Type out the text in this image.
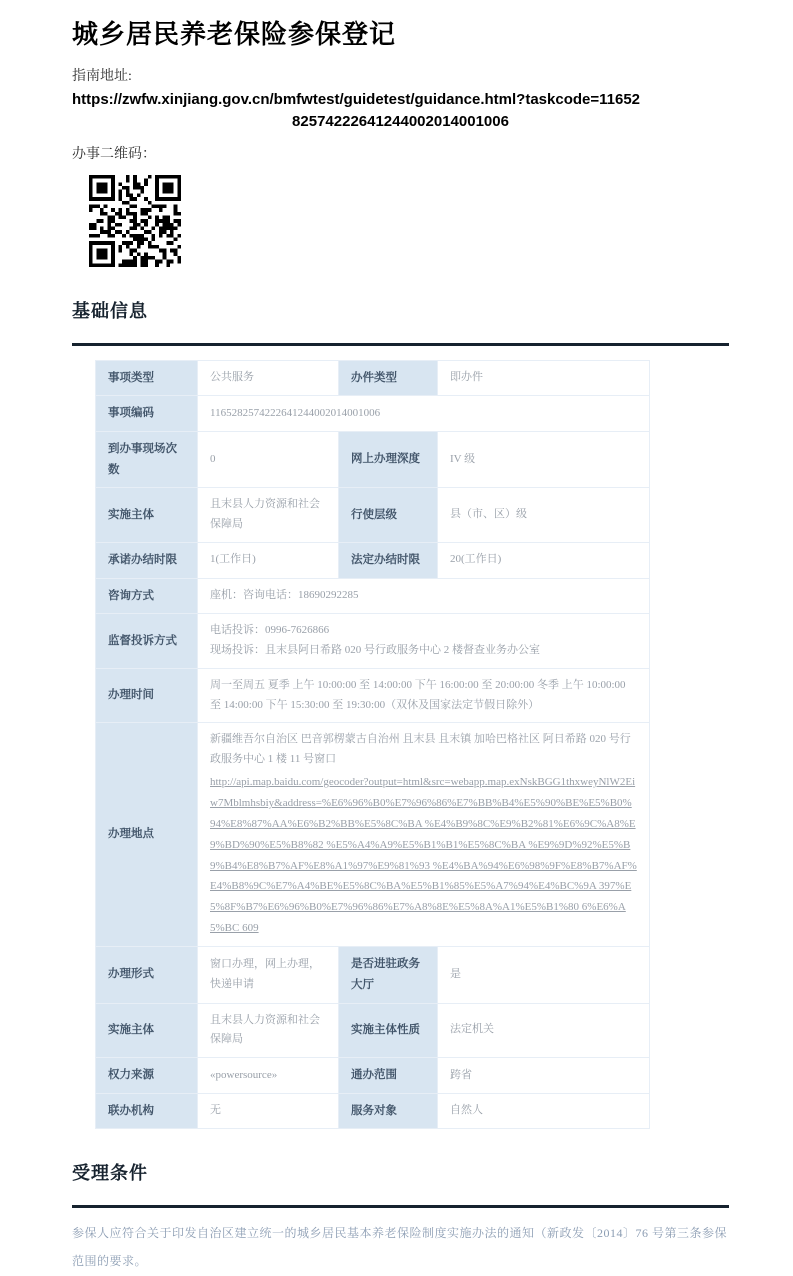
城乡居民养老保险参保登记
指南地址:
https://zwfw.xinjiang.gov.cn/bmfwtest/guidetest/guidance.html?taskcode=11652
82574222641244002014001006
办事二维码：
基础信息
事项类型	公共服务	办件类型	即办件
事项编码	1165282574222641244002014001006		
到办事现场次数	0	网上办理深度	IV 级
实施主体	且末县人力资源和社会保障局	行使层级	县（市、区）级
承诺办结时限	1(工作日)	法定办结时限	20(工作日)
咨询方式	座机：咨询电话：18690292285		
监督投诉方式	电话投诉：0996-7626866
现场投诉：且末县阿日希路 020 号行政服务中心 2 楼督查业务办公室		

办理时间	周一至周五 夏季 上午 10:00:00 至 14:00:00 下午 16:00:00 至 20:00:00 冬季 上午 10:00:00 至 14:00:00 下午 15:30:00 至 19:30:00（双休及国家法定节假日除外）		
办理地点	新疆维吾尔自治区 巴音郭楞蒙古自治州 且末县 且末镇 加哈巴格社区 阿日希路 020 号行政服务中心 1 楼 11 号窗口
http://api.map.baidu.com/geocoder?output=html&src=webapp.map.exNskBGG1thxweyNlW2Eiw7Mblmhsbiy&address=%E6%96%B0%E7%96%86%E7%BB%B4%E5%90%BE%E5%B0%94%E8%87%AA%E6%B2%BB%E5%8C%BA %E4%B9%8C%E9%B2%81%E6%9C%A8%E9%BD%90%E5%B8%82 %E5%A4%A9%E5%B1%B1%E5%8C%BA %E9%9D%92%E5%B9%B4%E8%B7%AF%E8%A1%97%E9%81%93 %E4%BA%94%E6%98%9F%E8%B7%AF%E4%B8%9C%E7%A4%BE%E5%8C%BA%E5%B1%85%E5%A7%94%E4%BC%9A 397%E5%8F%B7%E6%96%B0%E7%96%86%E7%A8%8E%E5%8A%A1%E5%B1%80 6%E6%A5%BC 609		
办理形式	窗口办理，网上办理，快递申请	是否进驻政务大厅	是
实施主体	且末县人力资源和社会保障局	实施主体性质	法定机关
权力来源	«powersource»	通办范围	跨省
联办机构	无	服务对象	自然人
受理条件

参保人应符合关于印发自治区建立统一的城乡居民基本养老保险制度实施办法的通知（新政发〔2014〕76 号第三条参保范围的要求。
